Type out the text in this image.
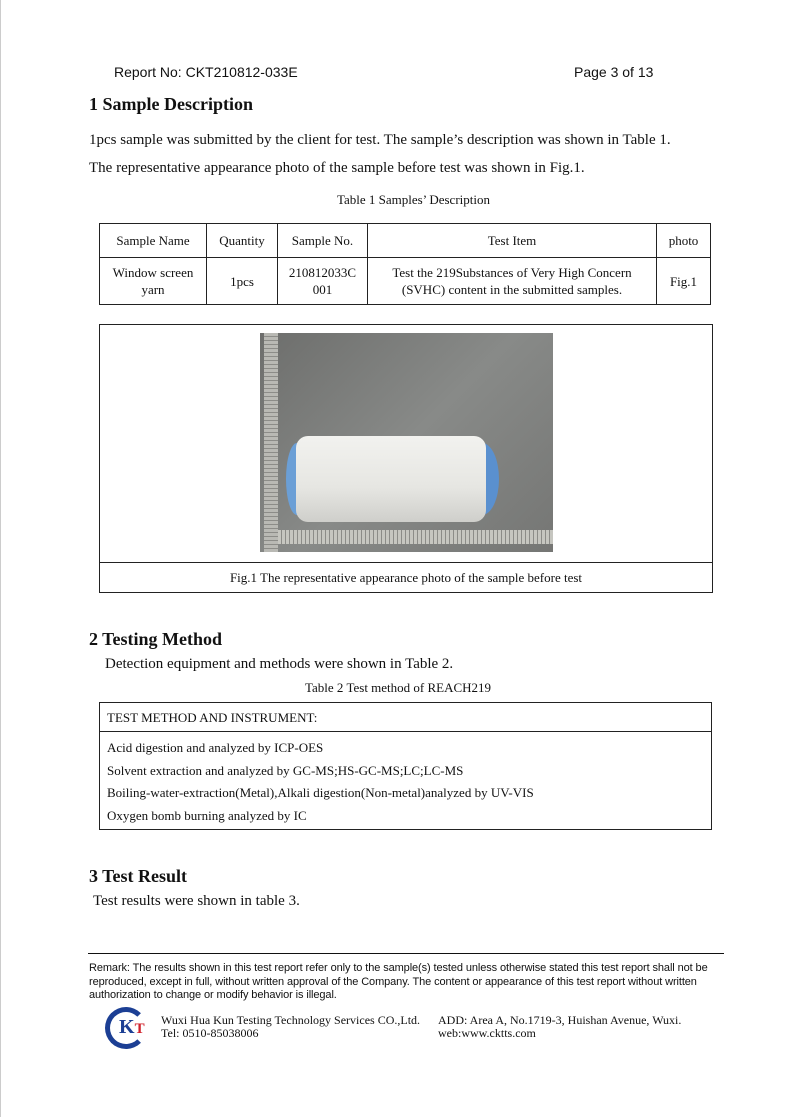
Report No: CKT210812-033E	Page 3 of 13
1 Sample Description
1pcs sample was submitted by the client for test. The sample’s description was shown in Table 1.
The representative appearance photo of the sample before test was shown in Fig.1.
Table 1 Samples’ Description
Sample Name	Quantity	Sample No.	Test Item	photo
Window screen yarn	1pcs	210812033C 001	Test the 219Substances of Very High Concern (SVHC) content in the submitted samples.	Fig.1
Fig.1 The representative appearance photo of the sample before test
2 Testing Method
Detection equipment and methods were shown in Table 2.
Table 2 Test method of REACH219
TEST METHOD AND INSTRUMENT:

Acid digestion and analyzed by ICP-OES
Solvent extraction and analyzed by GC-MS;HS-GC-MS;LC;LC-MS
Boiling-water-extraction(Metal),Alkali digestion(Non-metal)analyzed by UV-VIS
Oxygen bomb burning analyzed by IC
3 Test Result
Test results were shown in table 3.
Remark: The results shown in this test report refer only to the sample(s) tested unless otherwise stated this test report shall not be reproduced, except in full, without written approval of the Company. The content or appearance of this test report without written authorization to change or modify behavior is illegal.
KT
Wuxi Hua Kun Testing Technology Services CO.,Ltd.
Tel: 0510-85038006
ADD: Area A, No.1719-3, Huishan Avenue, Wuxi.
web:www.cktts.com
